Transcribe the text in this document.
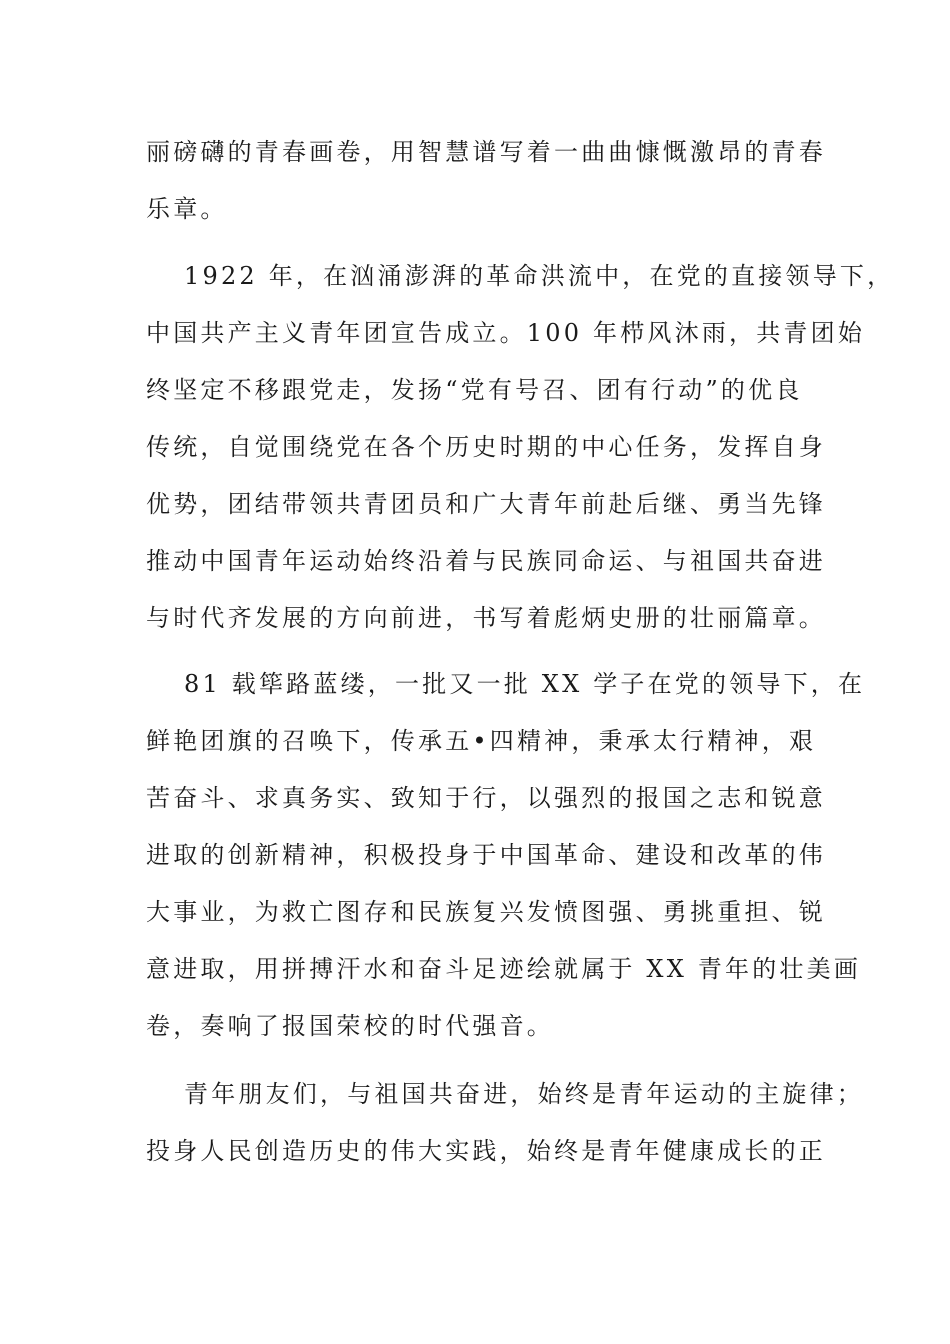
丽磅礴的青春画卷，用智慧谱写着一曲曲慷慨激昂的青春
乐章。
1922 年，在汹涌澎湃的革命洪流中，在党的直接领导下，
中国共产主义青年团宣告成立。100 年栉风沐雨，共青团始
终坚定不移跟党走，发扬“党有号召、团有行动”的优良
传统，自觉围绕党在各个历史时期的中心任务，发挥自身
优势，团结带领共青团员和广大青年前赴后继、勇当先锋
推动中国青年运动始终沿着与民族同命运、与祖国共奋进
与时代齐发展的方向前进，书写着彪炳史册的壮丽篇章。
81 载筚路蓝缕，一批又一批 XX 学子在党的领导下，在
鲜艳团旗的召唤下，传承五•四精神，秉承太行精神，艰
苦奋斗、求真务实、致知于行，以强烈的报国之志和锐意
进取的创新精神，积极投身于中国革命、建设和改革的伟
大事业，为救亡图存和民族复兴发愤图强、勇挑重担、锐
意进取，用拼搏汗水和奋斗足迹绘就属于 XX 青年的壮美画
卷，奏响了报国荣校的时代强音。
青年朋友们，与祖国共奋进，始终是青年运动的主旋律；
投身人民创造历史的伟大实践，始终是青年健康成长的正
